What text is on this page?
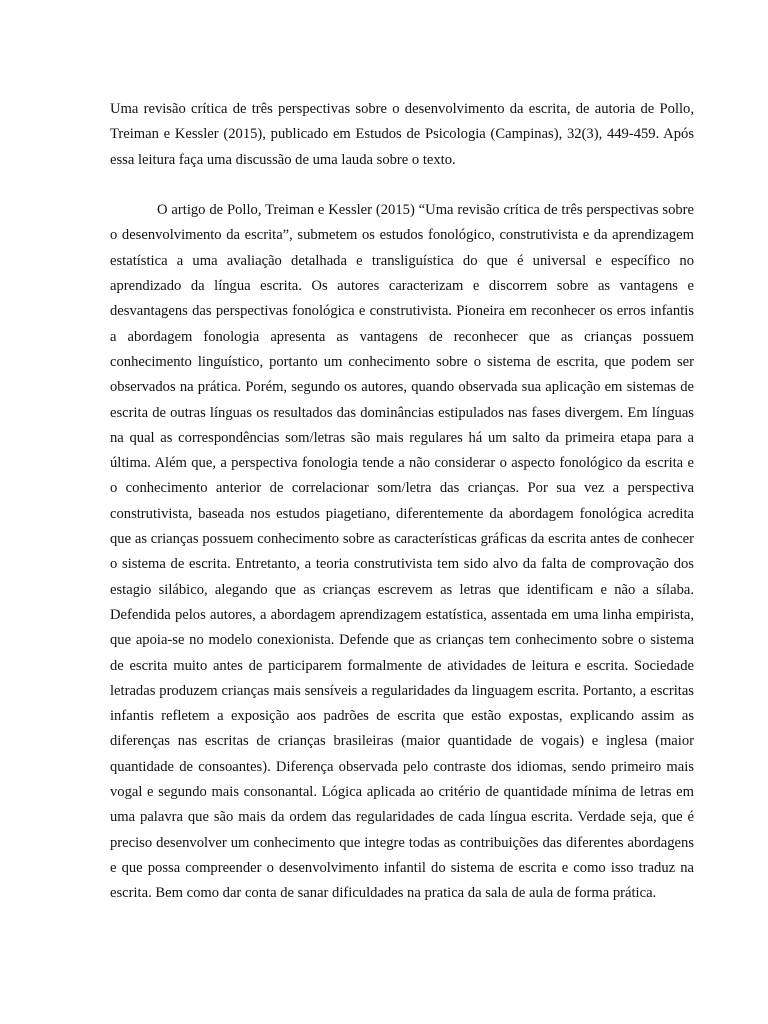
Uma revisão crítica de três perspectivas sobre o desenvolvimento da escrita, de autoria de Pollo, Treiman e Kessler (2015), publicado em Estudos de Psicologia (Campinas), 32(3), 449-459. Após essa leitura faça uma discussão de uma lauda sobre o texto.

O artigo de Pollo, Treiman e Kessler (2015) “Uma revisão crítica de três perspectivas sobre o desenvolvimento da escrita”, submetem os estudos fonológico, construtivista e da aprendizagem estatística a uma avaliação detalhada e transliguística do que é universal e específico no aprendizado da língua escrita. Os autores caracterizam e discorrem sobre as vantagens e desvantagens das perspectivas fonológica e construtivista. Pioneira em reconhecer os erros infantis a abordagem fonologia apresenta as vantagens de reconhecer que as crianças possuem conhecimento linguístico, portanto um conhecimento sobre o sistema de escrita, que podem ser observados na prática. Porém, segundo os autores, quando observada sua aplicação em sistemas de escrita de outras línguas os resultados das dominâncias estipulados nas fases divergem. Em línguas na qual as correspondências som/letras são mais regulares há um salto da primeira etapa para a última. Além que, a perspectiva fonologia tende a não considerar o aspecto fonológico da escrita e o conhecimento anterior de correlacionar som/letra das crianças. Por sua vez a perspectiva construtivista, baseada nos estudos piagetiano, diferentemente da abordagem fonológica acredita que as crianças possuem conhecimento sobre as características gráficas da escrita antes de conhecer o sistema de escrita. Entretanto, a teoria construtivista tem sido alvo da falta de comprovação dos estagio silábico, alegando que as crianças escrevem as letras que identificam e não a sílaba. Defendida pelos autores, a abordagem aprendizagem estatística, assentada em uma linha empirista, que apoia-se no modelo conexionista. Defende que as crianças tem conhecimento sobre o sistema de escrita muito antes de participarem formalmente de atividades de leitura e escrita. Sociedade letradas produzem crianças mais sensíveis a regularidades da linguagem escrita. Portanto, a escritas infantis refletem a exposição aos padrões de escrita que estão expostas, explicando assim as diferenças nas escritas de crianças brasileiras (maior quantidade de vogais) e inglesa (maior quantidade de consoantes). Diferença observada pelo contraste dos idiomas, sendo primeiro mais vogal e segundo mais consonantal. Lógica aplicada ao critério de quantidade mínima de letras em uma palavra que são mais da ordem das regularidades de cada língua escrita. Verdade seja, que é preciso desenvolver um conhecimento que integre todas as contribuições das diferentes abordagens e que possa compreender o desenvolvimento infantil do sistema de escrita e como isso traduz na escrita. Bem como dar conta de sanar dificuldades na pratica da sala de aula de forma prática.
